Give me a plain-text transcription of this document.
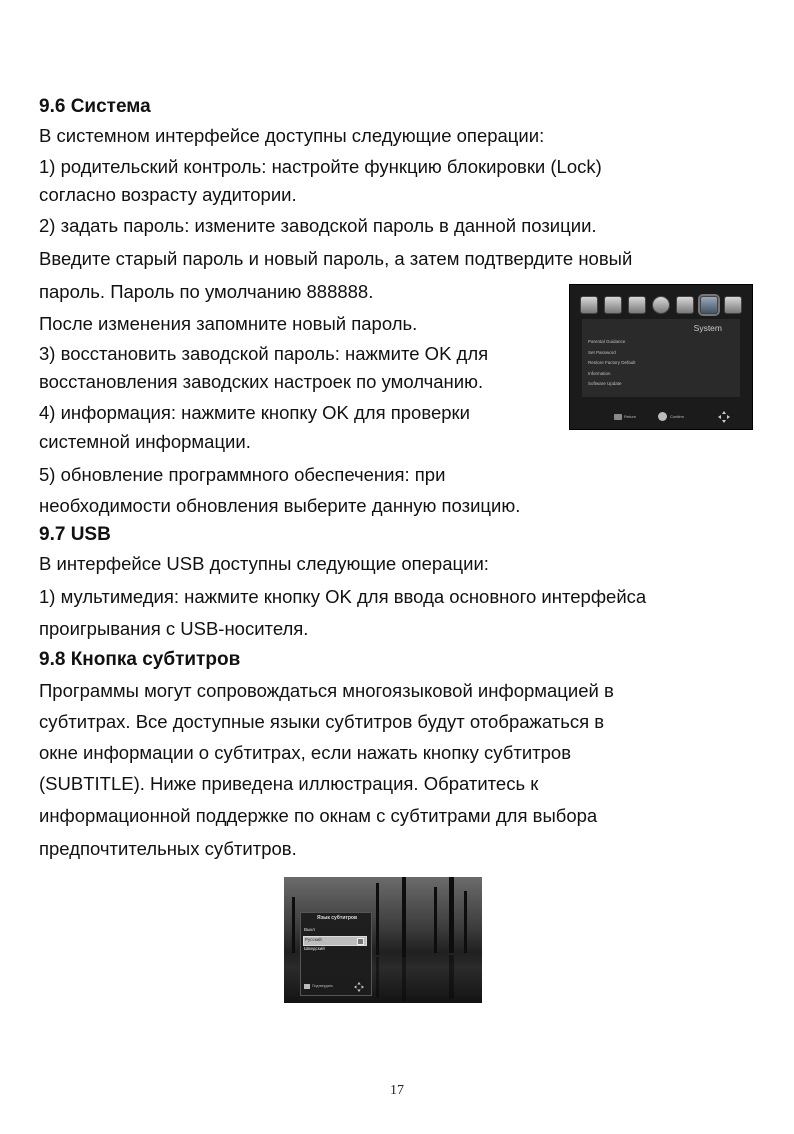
9.6 Система
В системном интерфейсе доступны следующие операции:
1) родительский контроль: настройте функцию блокировки (Lock)
согласно возрасту аудитории.
2) задать пароль: измените заводской пароль в данной позиции.
Введите старый пароль и новый пароль, а затем подтвердите новый
пароль. Пароль по умолчанию 888888.
После изменения запомните новый пароль.
3) восстановить заводской пароль: нажмите OK для
восстановления заводских настроек по умолчанию.
4) информация: нажмите кнопку OK для проверки
системной информации.
5) обновление программного обеспечения: при
необходимости обновления выберите данную позицию.
9.7 USB
В интерфейсе USB доступны следующие операции:
1) мультимедия: нажмите кнопку OK для ввода основного интерфейса
проигрывания с USB-носителя.
9.8 Кнопка субтитров
Программы могут сопровождаться многоязыковой информацией в
субтитрах. Все доступные языки субтитров будут отображаться в
окне информации о субтитрах, если нажать кнопку субтитров
(SUBTITLE). Ниже приведена иллюстрация. Обратитесь к
информационной поддержке по окнам с субтитрами для выбора
предпочтительных субтитров.
System
Parental Guidance
Set Password
Restore Factory Default
Information
Software Update
Return	Confirm
Язык субтитров
Выкл
Русский
Шведский
Подтвердить
17
